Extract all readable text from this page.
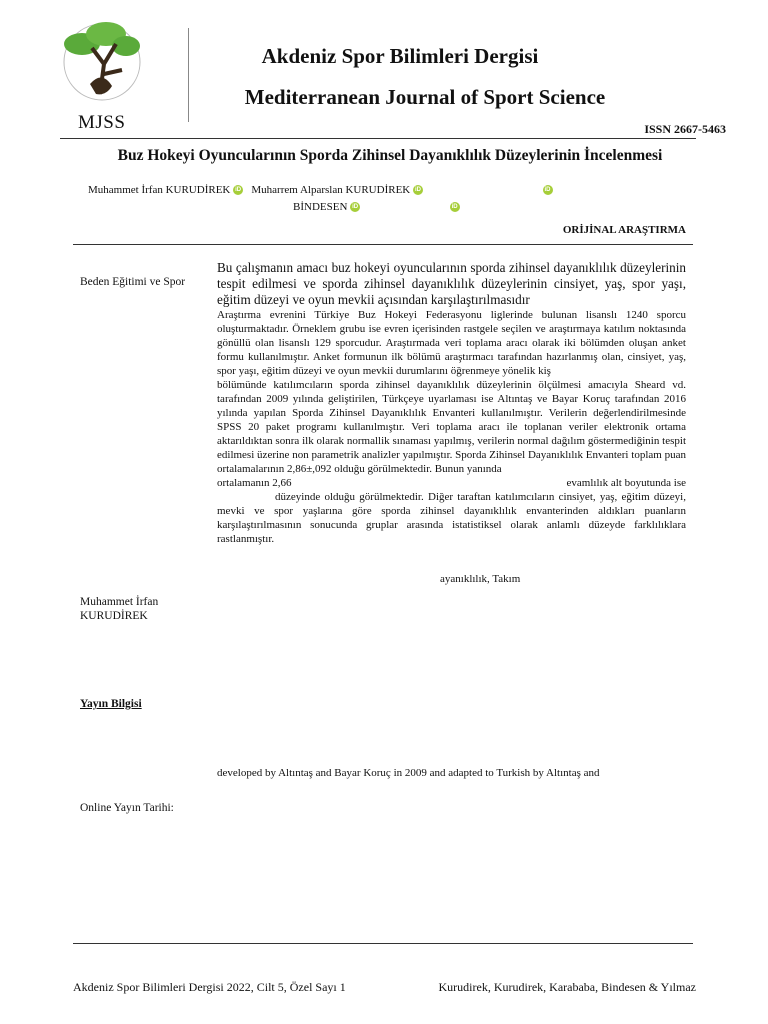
MJSS
Akdeniz Spor Bilimleri Dergisi
Mediterranean Journal of Sport Science
ISSN 2667-5463
Buz Hokeyi Oyuncularının Sporda Zihinsel Dayanıklılık Düzeylerinin İncelenmesi
Muhammet İrfan KURUDİREK iD Muharrem Alparslan KURUDİREK iD	iD
BİNDESEN iD	iD
ORİJİNAL ARAŞTIRMA
Beden Eğitimi ve Spor
Muhammet İrfan
KURUDİREK
Yayın Bilgisi
Online Yayın Tarihi:

Bu çalışmanın amacı buz hokeyi oyuncularının sporda zihinsel dayanıklılık düzeylerinin tespit edilmesi ve sporda zihinsel dayanıklılık düzeylerinin cinsiyet, yaş, spor yaşı, eğitim düzeyi ve oyun mevkii açısından karşılaştırılmasıdır

Araştırma evrenini Türkiye Buz Hokeyi Federasyonu liglerinde bulunan lisanslı 1240 sporcu oluşturmaktadır. Örneklem grubu ise evren içerisinden rastgele seçilen ve araştırmaya katılım noktasında gönüllü olan lisanslı 129 sporcudur. Araştırmada veri toplama aracı olarak iki bölümden oluşan anket formu kullanılmıştır. Anket formunun ilk bölümü araştırmacı tarafından hazırlanmış olan, cinsiyet, yaş, spor yaşı, eğitim düzeyi ve oyun mevkii durumlarını öğrenmeye yönelik kiş

bölümünde katılımcıların sporda zihinsel dayanıklılık düzeylerinin ölçülmesi amacıyla Sheard vd. tarafından 2009 yılında geliştirilen, Türkçeye uyarlaması ise Altıntaş ve Bayar Koruç tarafından 2016 yılında yapılan Sporda Zihinsel Dayanıklılık Envanteri kullanılmıştır. Verilerin değerlendirilmesinde SPSS 20 paket programı kullanılmıştır. Veri toplama aracı ile toplanan veriler elektronik ortama aktarıldıktan sonra ilk olarak normallik sınaması yapılmış, verilerin normal dağılım göstermediğinin tespit edilmesi üzerine non parametrik analizler yapılmıştır. Sporda Zihinsel Dayanıklılık Envanteri toplam puan ortalamalarının 2,86±,092 olduğu görülmektedir. Bunun yanında

ortalamanın 2,66	evamlılık alt boyutunda ise

düzeyinde olduğu görülmektedir. Diğer taraftan katılımcıların cinsiyet, yaş, eğitim düzeyi, mevki ve spor yaşlarına göre sporda zihinsel dayanıklılık envanterinden aldıkları puanların karşılaştırılmasının sonucunda gruplar arasında istatistiksel olarak anlamlı düzeyde farklılıklara rastlanmıştır.

ayanıklılık, Takım
developed by Altıntaş and Bayar Koruç in 2009 and adapted to Turkish by Altıntaş and
Akdeniz Spor Bilimleri Dergisi 2022, Cilt 5, Özel Sayı 1	Kurudirek, Kurudirek, Karababa, Bindesen & Yılmaz
